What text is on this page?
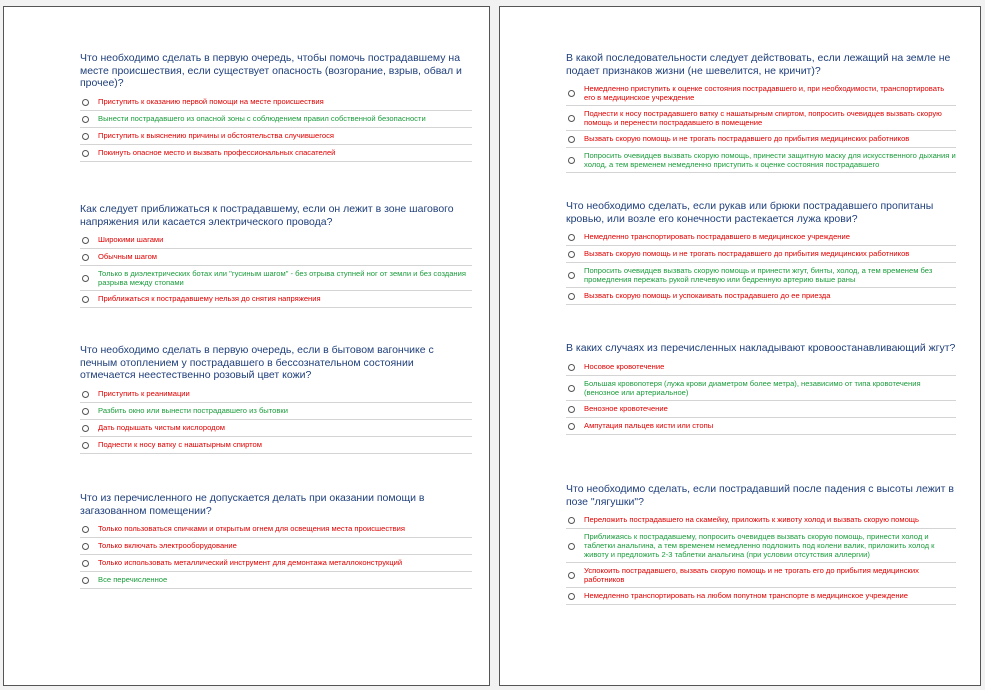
Что необходимо сделать в первую очередь, чтобы помочь пострадавшему на месте происшествия, если существует опасность (возгорание, взрыв, обвал и прочее)?

Приступить к оказанию первой помощи на месте происшествия
Вынести пострадавшего из опасной зоны с соблюдением правил собственной безопасности
Приступить к выяснению причины и обстоятельства случившегося
Покинуть опасное место и вызвать профессиональных спасателей

Как следует приближаться к пострадавшему, если он лежит в зоне шагового напряжения или касается электрического провода?

Широкими шагами
Обычным шагом
Только в диэлектрических ботах или "гусиным шагом" - без отрыва ступней ног от земли и без создания разрыва между стопами
Приближаться к пострадавшему нельзя до снятия напряжения

Что необходимо сделать в первую очередь, если в бытовом вагончике с печным отоплением у пострадавшего в бессознательном состоянии отмечается неестественно розовый цвет кожи?

Приступить к реанимации
Разбить окно или вынести пострадавшего из бытовки
Дать подышать чистым кислородом
Поднести к носу ватку с нашатырным спиртом

Что из перечисленного не допускается делать при оказании помощи в загазованном помещении?

Только пользоваться спичками и открытым огнем для освещения места происшествия
Только включать электрооборудование
Только использовать металлический инструмент для демонтажа металлоконструкций
Все перечисленное

В какой последовательности следует действовать, если лежащий на земле не подает признаков жизни (не шевелится, не кричит)?

Немедленно приступить к оценке состояния пострадавшего и, при необходимости, транспортировать его в медицинское учреждение
Поднести к носу пострадавшего ватку с нашатырным спиртом, попросить очевидцев вызвать скорую помощь и перенести пострадавшего в помещение
Вызвать скорую помощь и не трогать пострадавшего до прибытия медицинских работников
Попросить очевидцев вызвать скорую помощь, принести защитную маску для искусственного дыхания и холод, а тем временем немедленно приступить к оценке состояния пострадавшего

Что необходимо сделать, если рукав или брюки пострадавшего пропитаны кровью, или возле его конечности растекается лужа крови?

Немедленно транспортировать пострадавшего в медицинское учреждение
Вызвать скорую помощь и не трогать пострадавшего до прибытия медицинских работников
Попросить очевидцев вызвать скорую помощь и принести жгут, бинты, холод, а тем временем без промедления пережать рукой плечевую или бедренную артерию выше раны
Вызвать скорую помощь и успокаивать пострадавшего до ее приезда

В каких случаях из перечисленных накладывают кровоостанавливающий жгут?

Носовое кровотечение
Большая кровопотеря (лужа крови диаметром более метра), независимо от типа кровотечения (венозное или артериальное)
Венозное кровотечение
Ампутация пальцев кисти или стопы

Что необходимо сделать, если пострадавший после падения с высоты лежит в позе "лягушки"?

Переложить пострадавшего на скамейку, приложить к животу холод и вызвать скорую помощь
Приближаясь к пострадавшему, попросить очевидцев вызвать скорую помощь, принести холод и таблетки анальгина, а тем временем немедленно подложить под колени валик, приложить холод к животу и предложить 2-3 таблетки анальгина (при условии отсутствия аллергии)
Успокоить пострадавшего, вызвать скорую помощь и не трогать его до прибытия медицинских работников
Немедленно транспортировать на любом попутном транспорте в медицинское учреждение
